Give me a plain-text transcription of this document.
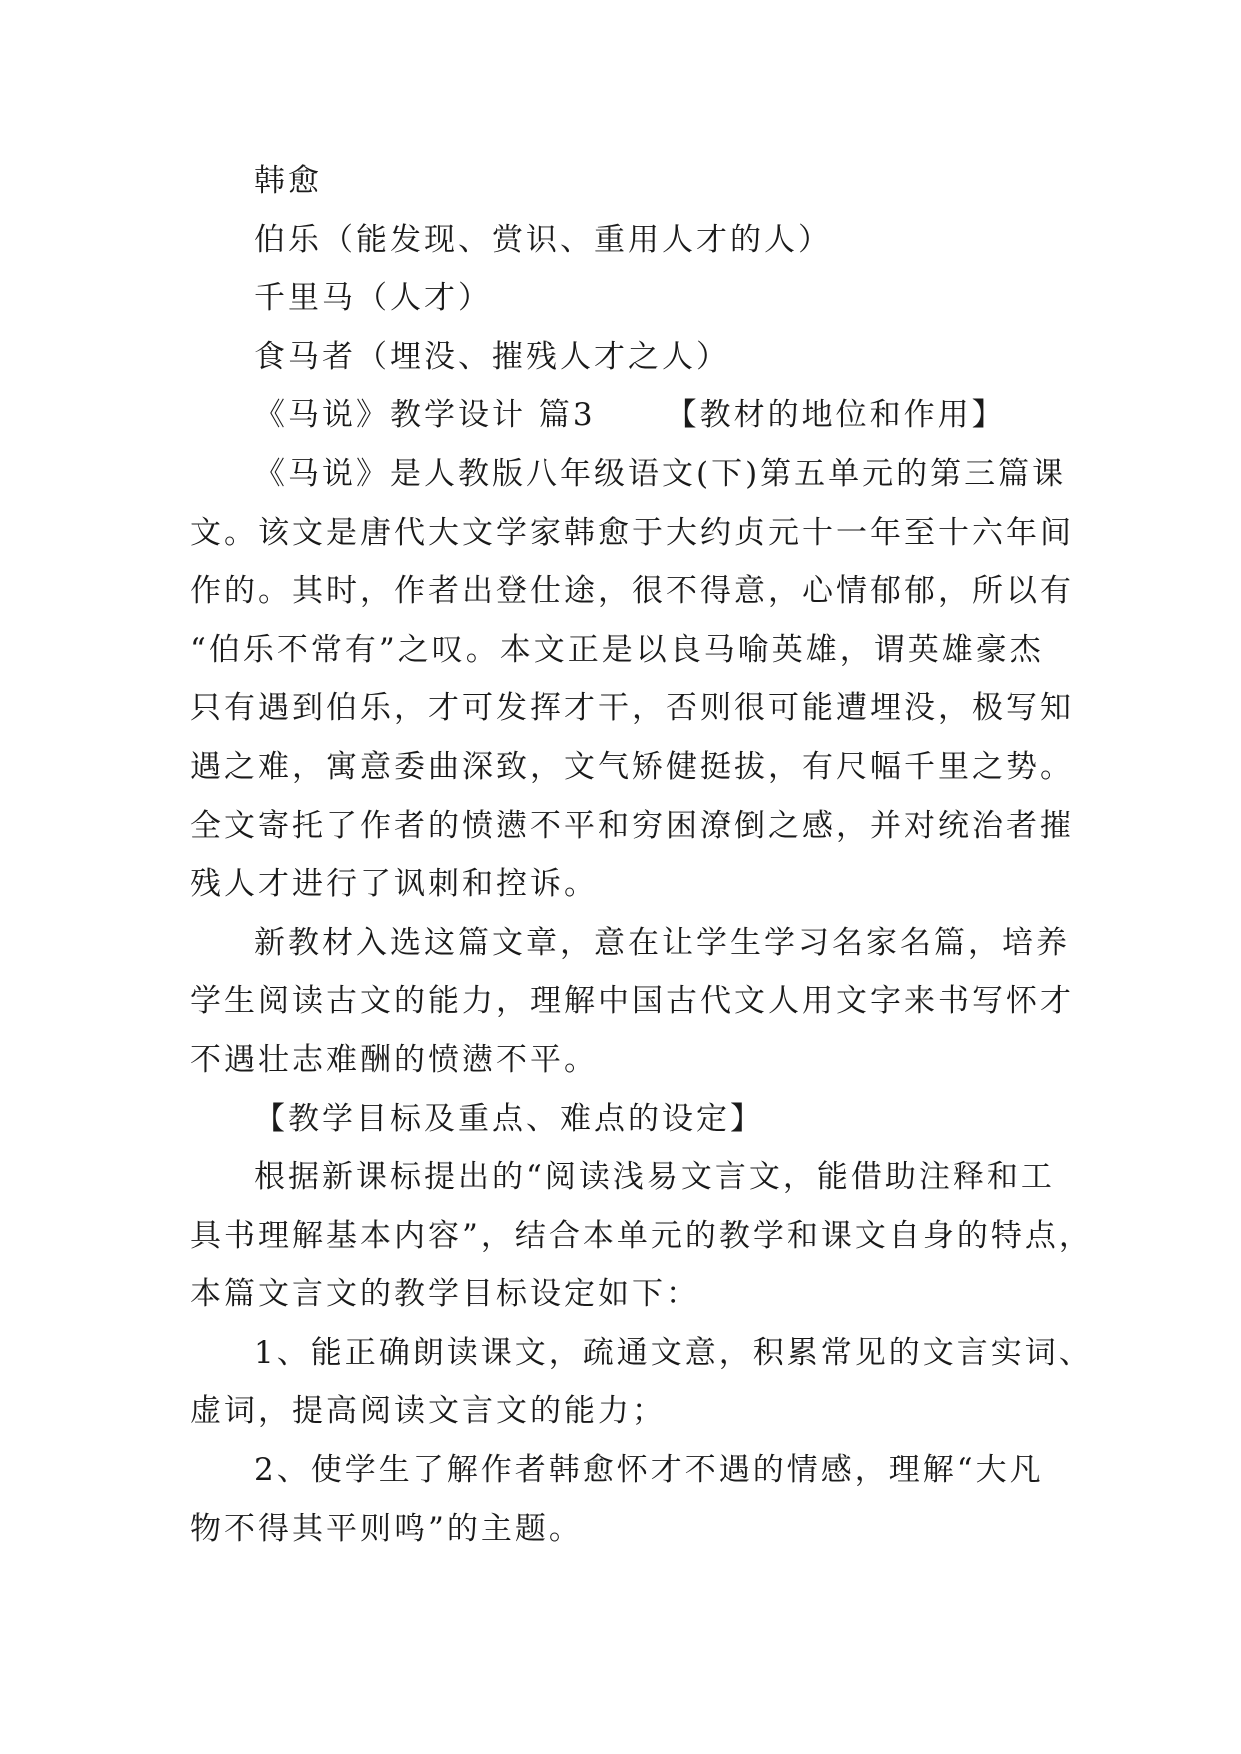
韩愈
伯乐（能发现、赏识、重用人才的人）
千里马（人才）
食马者（埋没、摧残人才之人）
《马说》教学设计 篇3 【教材的地位和作用】
《马说》是人教版八年级语文(下)第五单元的第三篇课
文。该文是唐代大文学家韩愈于大约贞元十一年至十六年间
作的。其时，作者出登仕途，很不得意，心情郁郁，所以有
“伯乐不常有”之叹。本文正是以良马喻英雄，谓英雄豪杰
只有遇到伯乐，才可发挥才干，否则很可能遭埋没，极写知
遇之难，寓意委曲深致，文气矫健挺拔，有尺幅千里之势。
全文寄托了作者的愤懑不平和穷困潦倒之感，并对统治者摧
残人才进行了讽刺和控诉。
新教材入选这篇文章，意在让学生学习名家名篇，培养
学生阅读古文的能力，理解中国古代文人用文字来书写怀才
不遇壮志难酬的愤懑不平。
【教学目标及重点、难点的设定】
根据新课标提出的“阅读浅易文言文，能借助注释和工
具书理解基本内容”，结合本单元的教学和课文自身的特点，
本篇文言文的教学目标设定如下：
1、能正确朗读课文，疏通文意，积累常见的文言实词、
虚词，提高阅读文言文的能力；
2、使学生了解作者韩愈怀才不遇的情感，理解“大凡
物不得其平则鸣”的主题。
